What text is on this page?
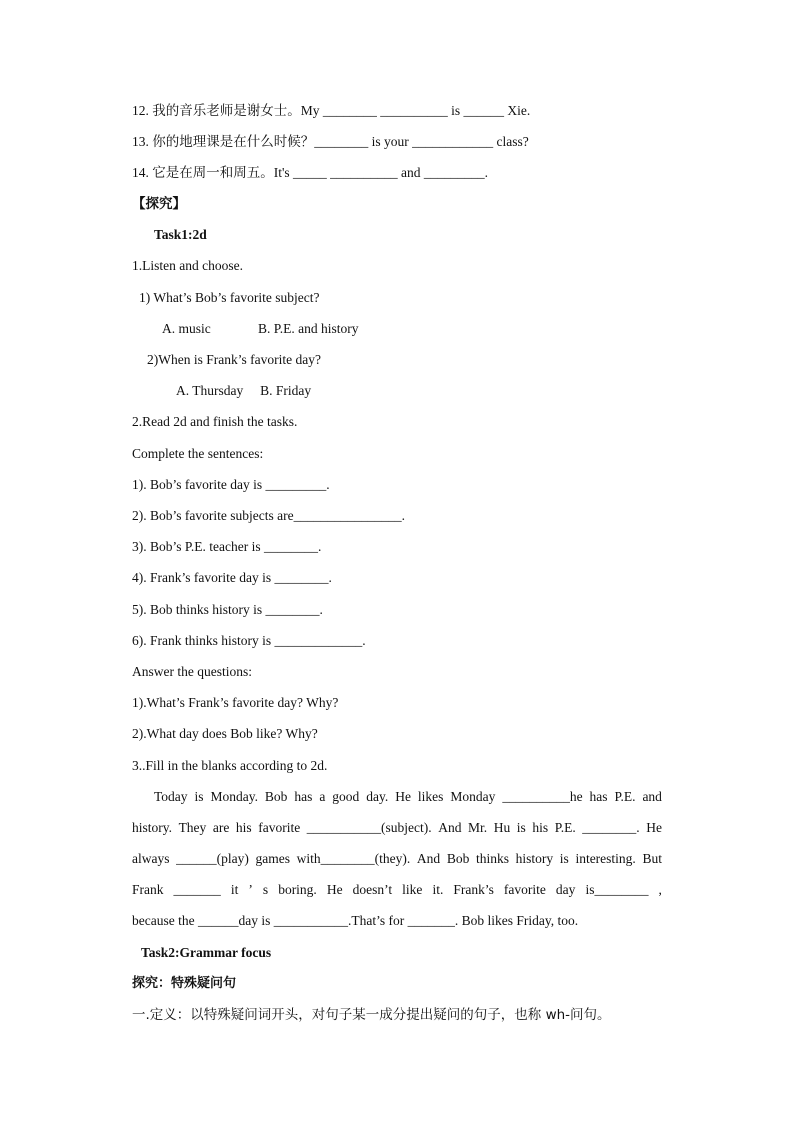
12. 我的音乐老师是谢女士。My ________ __________ is ______ Xie.
13. 你的地理课是在什么时候？________ is your ____________ class?
14. 它是在周一和周五。It's _____ __________ and _________.
【探究】
Task1:2d
1.Listen and choose.
1) What’s Bob’s favorite subject?
A. music              B. P.E. and history
2)When is Frank’s favorite day?
A. Thursday     B. Friday
2.Read 2d and finish the tasks.
Complete the sentences:
1). Bob’s favorite day is _________.
2). Bob’s favorite subjects are________________.
3). Bob’s P.E. teacher is ________.
4). Frank’s favorite day is ________.
5). Bob thinks history is ________.
6). Frank thinks history is _____________.
Answer the questions:
1).What’s Frank’s favorite day? Why?
2).What day does Bob like? Why?
3..Fill in the blanks according to 2d.
Today is Monday. Bob has a good day. He likes Monday __________he has P.E. and
history. They are his favorite ___________(subject). And Mr. Hu is his P.E. ________. He
always ______(play) games with________(they). And Bob thinks history is interesting. But
Frank _______ it ’ s boring. He doesn’t like it. Frank’s favorite day is________ ,
because the ______day is ___________.That’s for _______. Bob likes Friday, too.
Task2:Grammar focus
探究：特殊疑问句
一.定义：以特殊疑问词开头，对句子某一成分提出疑问的句子，也称 wh-问句。
